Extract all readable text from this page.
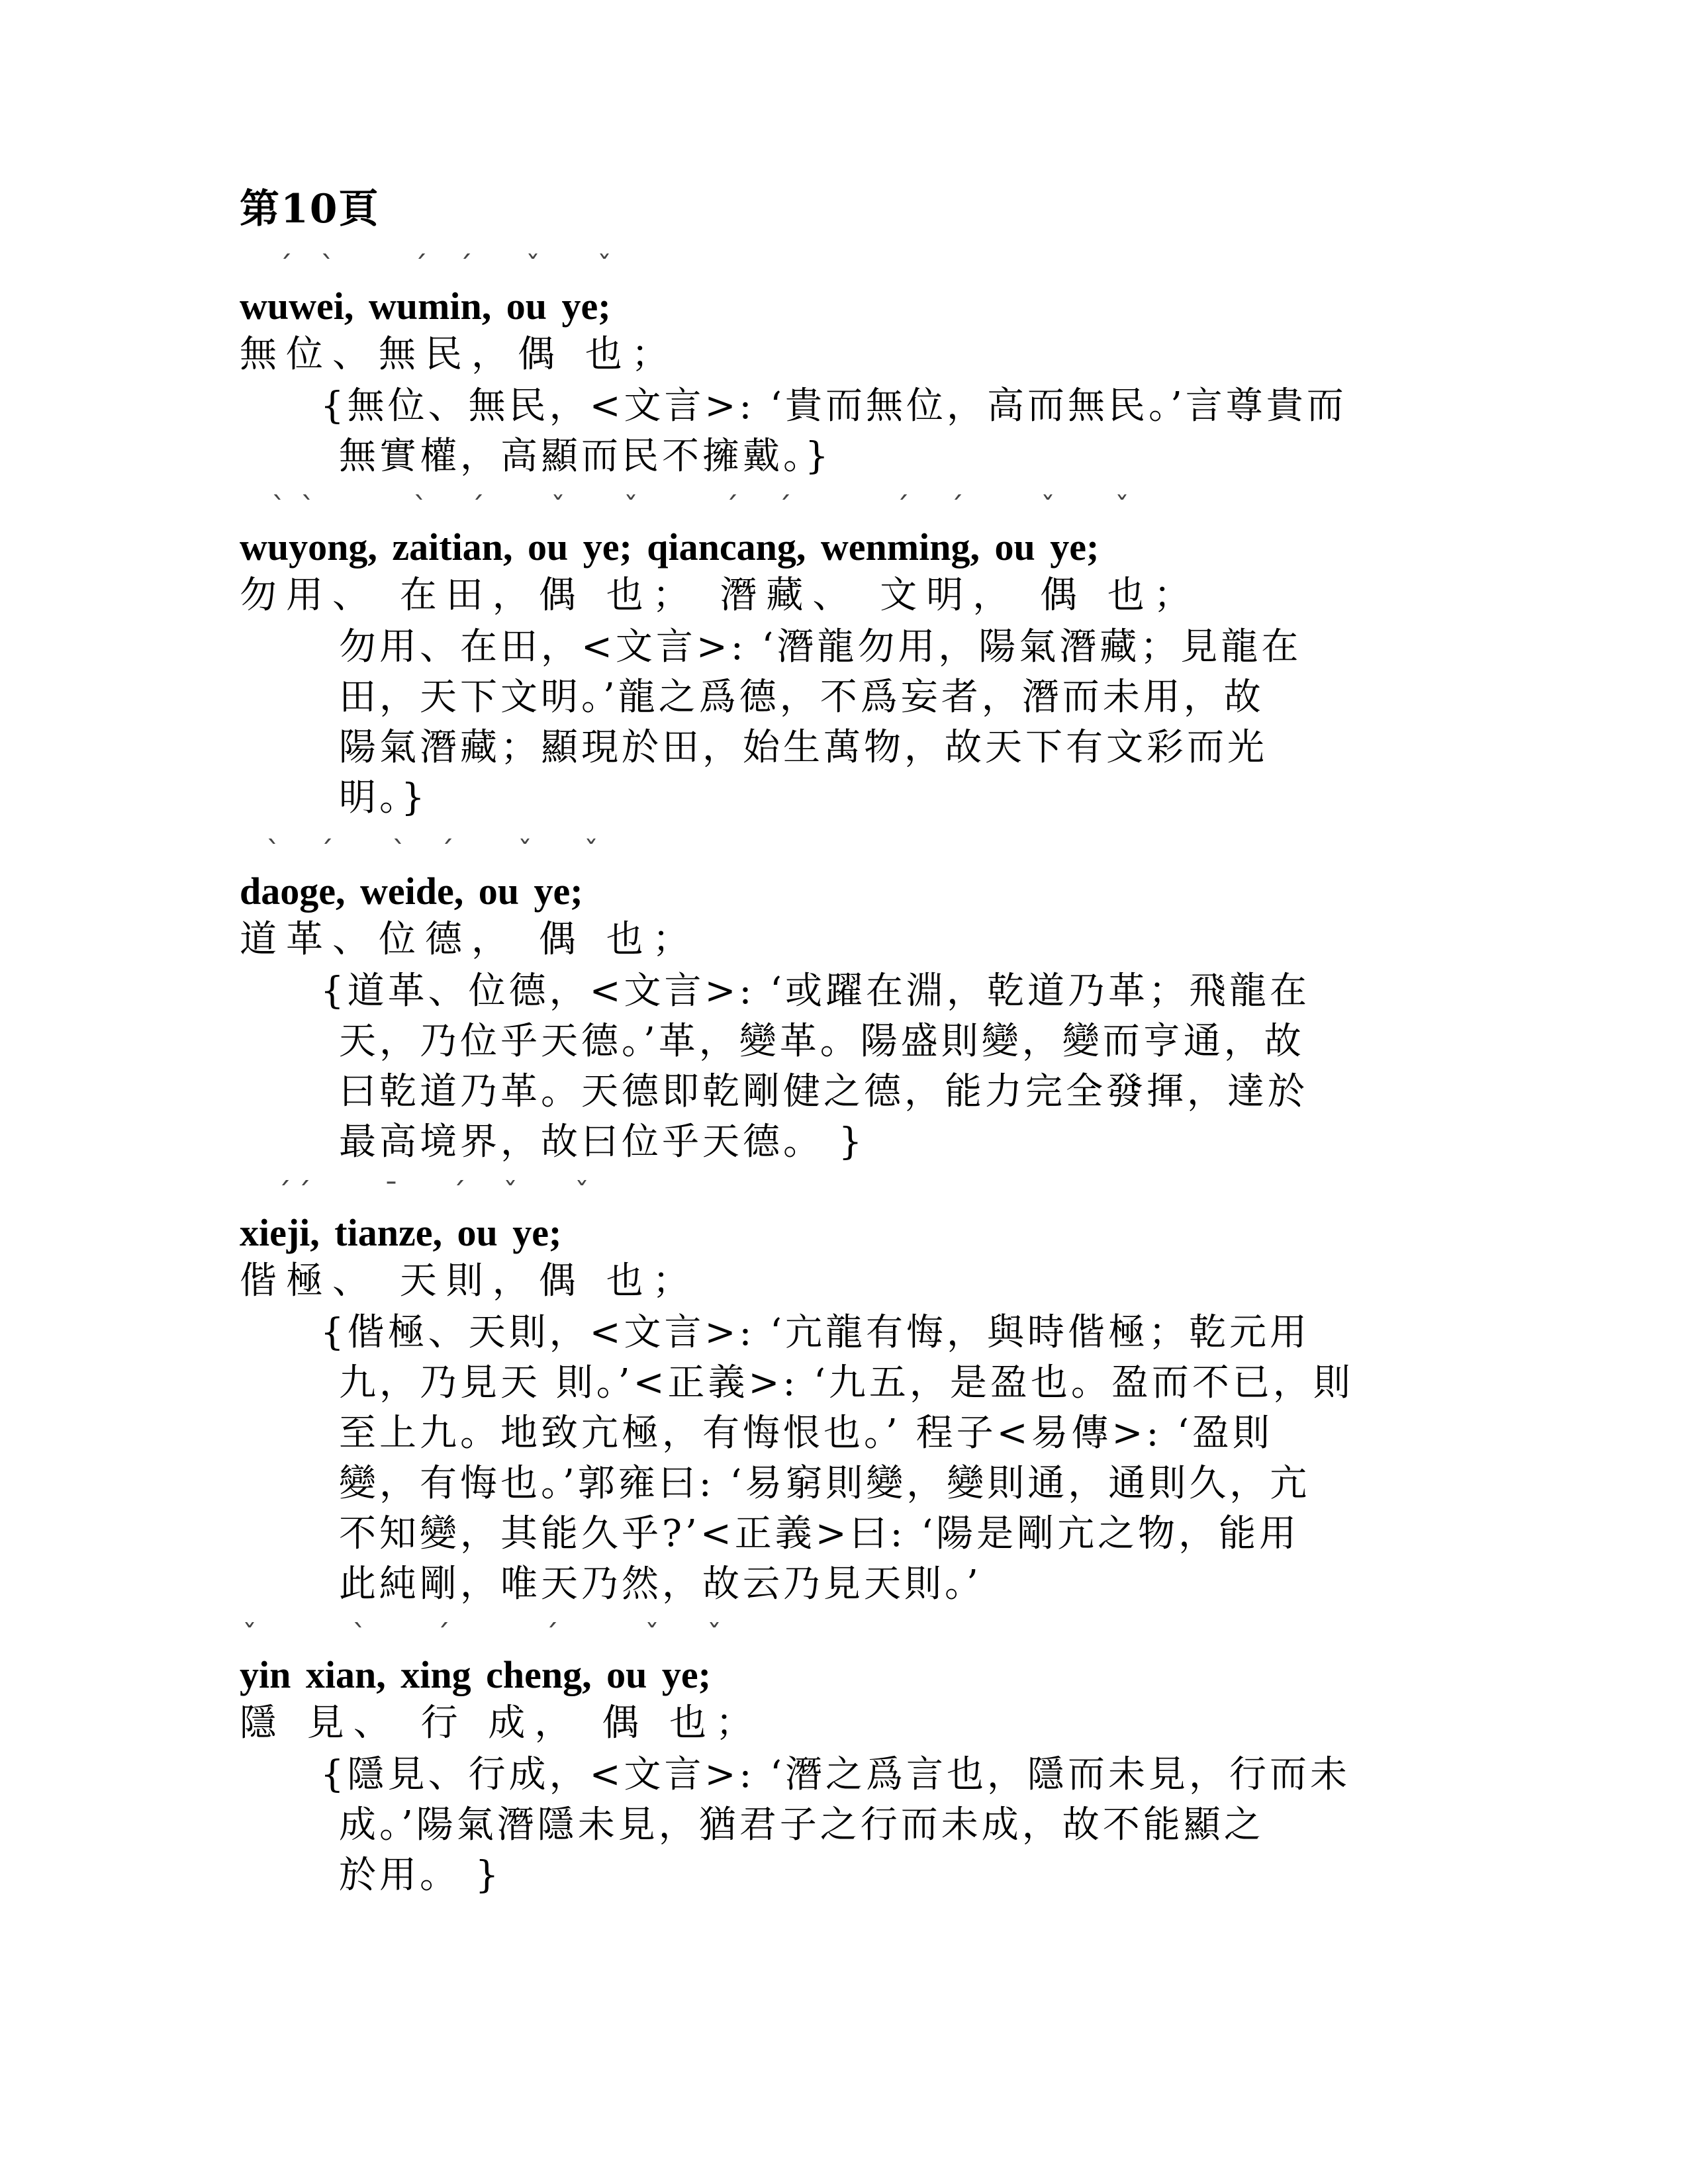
第10頁
ˊ ˋ	ˊ ˊ ˇ ˇ
wuwei, wumin, ou ye;
無位、無民，偶 也；
{無位、無民，<文言>: ‘貴而無位，高而無民。’言尊貴而
無實權，高顯而民不擁戴。}
ˋ ˋ	ˋ ˊ ˇ ˇ	ˊ ˊ	ˊ ˊ	ˇ ˇ
wuyong, zaitian, ou ye; qiancang, wenming, ou ye;
勿用、 在田，偶 也； 潛藏、 文明， 偶 也；
勿用、在田，<文言>: ‘潛龍勿用，陽氣潛藏；見龍在
田，天下文明。’龍之爲德，不爲妄者，潛而未用，故
陽氣潛藏；顯現於田，始生萬物，故天下有文彩而光
明。}
ˋ ˊ ˋ ˊ ˇ ˇ
daoge, weide, ou ye;
道革、位德， 偶 也；
{道革、位德，<文言>: ‘或躍在淵，乾道乃革；飛龍在
天，乃位乎天德。’革，變革。陽盛則變，變而亨通，故
曰乾道乃革。天德即乾剛健之德，能力完全發揮，達於
最高境界，故曰位乎天德。 }
ˊ ˊ	ˉ ˊ ˇ ˇ
xieji, tianze, ou ye;
偕極、 天則，偶 也；
{偕極、天則，<文言>: ‘亢龍有悔，與時偕極；乾元用
九，乃見天 則。’<正義>: ‘九五，是盈也。盈而不已，則
至上九。地致亢極，有悔恨也。’ 程子<易傳>: ‘盈則
變，有悔也。’郭雍曰: ‘易窮則變，變則通，通則久，亢
不知變，其能久乎?’<正義>曰: ‘陽是剛亢之物，能用
此純剛，唯天乃然，故云乃見天則。’
ˇ	ˋ ˊ	ˊ	ˇ ˇ
yin xian, xing cheng, ou ye;
隱 見、 行 成， 偶 也；
{隱見、行成，<文言>: ‘潛之爲言也，隱而未見，行而未
成。’陽氣潛隱未見，猶君子之行而未成，故不能顯之
於用。 }
